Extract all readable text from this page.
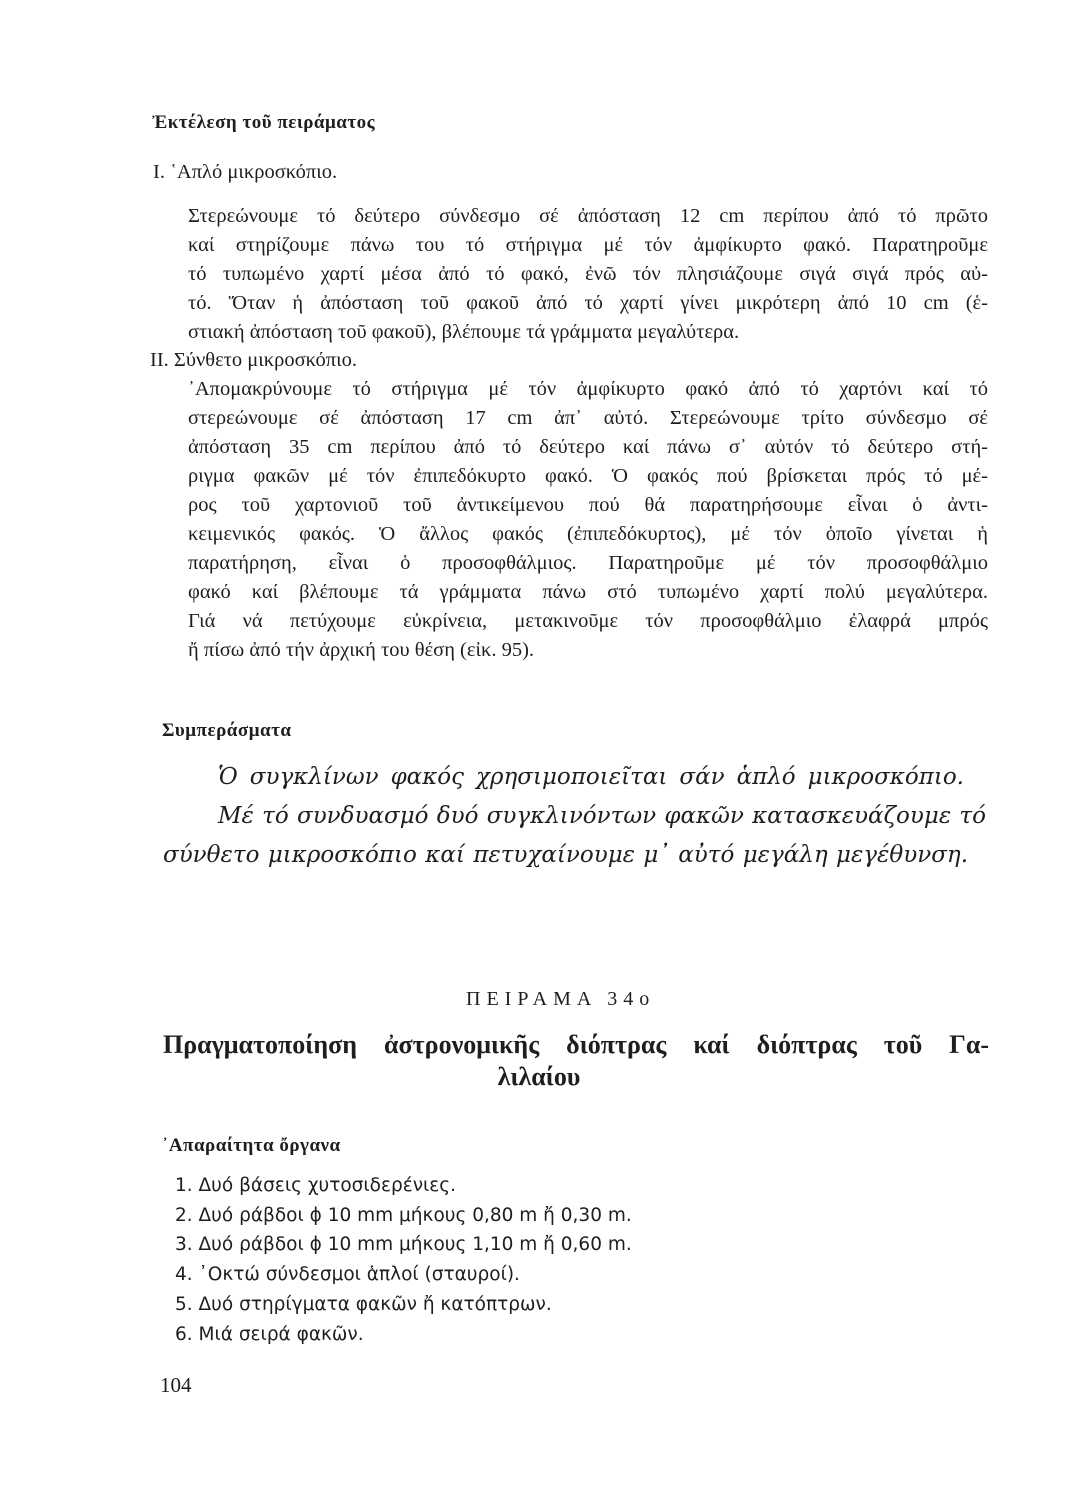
Ἐκτέλεση τοῦ πειράματος
I. ῾Απλό μικροσκόπιο.
Στερεώνουμε τό δεύτερο σύνδεσμο σέ ἀπόσταση 12 cm περίπου ἀπό τό πρῶτο
καί στηρίζουμε πάνω του τό στήριγμα μέ τόν ἀμφίκυρτο φακό. Παρατηροῦμε
τό τυπωμένο χαρτί μέσα ἀπό τό φακό, ἐνῶ τόν πλησιάζουμε σιγά σιγά πρός αὐ-
τό. Ὅταν ἡ ἀπόσταση τοῦ φακοῦ ἀπό τό χαρτί γίνει μικρότερη ἀπό 10 cm (ἑ-
στιακή ἀπόσταση τοῦ φακοῦ), βλέπουμε τά γράμματα μεγαλύτερα.
II. Σύνθετο μικροσκόπιο.
᾿Απομακρύνουμε τό στήριγμα μέ τόν ἀμφίκυρτο φακό ἀπό τό χαρτόνι καί τό
στερεώνουμε σέ ἀπόσταση 17 cm ἀπ᾿ αὐτό. Στερεώνουμε τρίτο σύνδεσμο σέ
ἀπόσταση 35 cm περίπου ἀπό τό δεύτερο καί πάνω σ᾿ αὐτόν τό δεύτερο στή-
ριγμα φακῶν μέ τόν ἐπιπεδόκυρτο φακό. Ὁ φακός πού βρίσκεται πρός τό μέ-
ρος τοῦ χαρτονιοῦ τοῦ ἀντικείμενου πού θά παρατηρήσουμε εἶναι ὁ ἀντι-
κειμενικός φακός. Ὁ ἄλλος φακός (ἐπιπεδόκυρτος), μέ τόν ὁποῖο γίνεται ἡ
παρατήρηση, εἶναι ὁ προσοφθάλμιος. Παρατηροῦμε μέ τόν προσοφθάλμιο
φακό καί βλέπουμε τά γράμματα πάνω στό τυπωμένο χαρτί πολύ μεγαλύτερα.
Γιά νά πετύχουμε εὐκρίνεια, μετακινοῦμε τόν προσοφθάλμιο ἐλαφρά μπρός
ἤ πίσω ἀπό τήν ἀρχική του θέση (εἰκ. 95).
Συμπεράσματα
Ὁ συγκλίνων φακός χρησιμοποιεῖται σάν ἁπλό μικροσκόπιο.
Μέ τό συνδυασμό δυό συγκλινόντων φακῶν κατασκευάζουμε τό
σύνθετο μικροσκόπιο καί πετυχαίνουμε μ᾿ αὐτό μεγάλη μεγέθυνση.
ΠΕΙΡΑΜΑ 34ο
Πραγματοποίηση ἀστρονομικῆς διόπτρας καί διόπτρας τοῦ Γα-
λιλαίου
᾿Απαραίτητα ὄργανα
1. Δυό βάσεις χυτοσιδερένιες.
2. Δυό ράβδοι ϕ 10 mm μήκους 0,80 m ἤ 0,30 m.
3. Δυό ράβδοι ϕ 10 mm μήκους 1,10 m ἤ 0,60 m.
4. ᾿Οκτώ σύνδεσμοι ἁπλοί (σταυροί).
5. Δυό στηρίγματα φακῶν ἤ κατόπτρων.
6. Μιά σειρά φακῶν.
104
